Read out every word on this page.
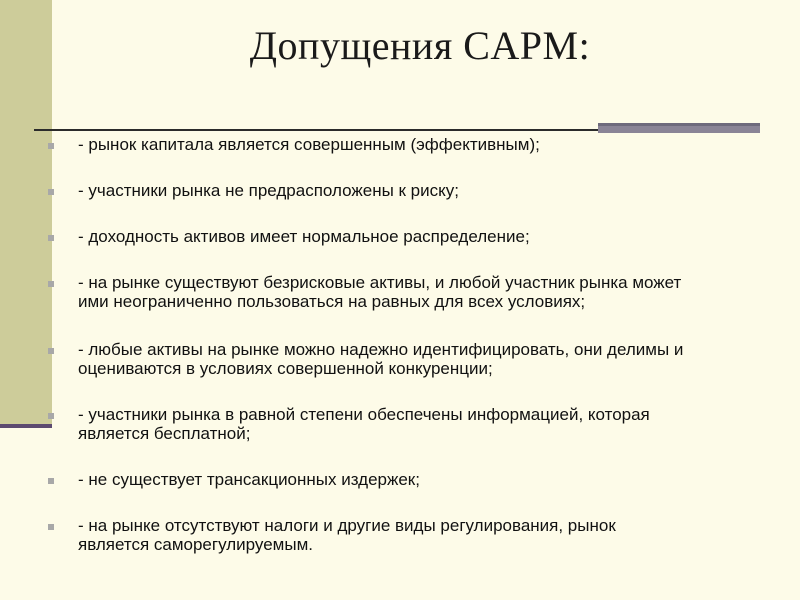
Допущения CAPM:
- рынок капитала является совершенным (эффективным);
- участники рынка не предрасположены к риску;
- доходность активов имеет нормальное распределение;
- на рынке существуют безрисковые активы, и любой участник рынка может
ими неограниченно пользоваться на равных для всех условиях;
- любые активы на рынке можно надежно идентифицировать, они делимы и
оцениваются в условиях совершенной конкуренции;
- участники рынка в равной степени обеспечены информацией, которая
является бесплатной;
- не существует трансакционных издержек;
- на рынке отсутствуют налоги и другие виды регулирования, рынок
является саморегулируемым.
